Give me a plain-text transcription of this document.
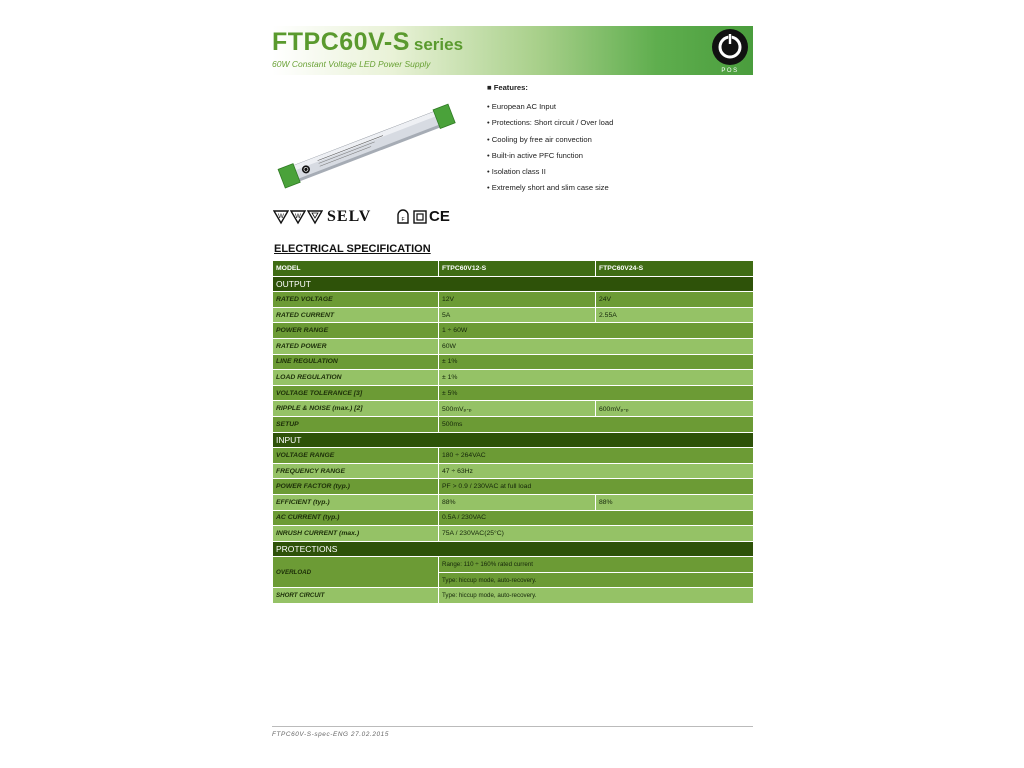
FTPC60V-S series
60W Constant Voltage LED Power Supply
POS
■ Features:
• European AC Input
• Protections: Short circuit / Over load
• Cooling by free air convection
• Built-in active PFC function
• Isolation class II
• Extremely short and slim case size
W W SELV	F CE
ELECTRICAL SPECIFICATION
MODEL	FTPC60V12-S	FTPC60V24-S
OUTPUT		
RATED VOLTAGE	12V	24V
RATED CURRENT	5A	2.55A
POWER RANGE	1 ÷ 60W	
RATED POWER	60W	
LINE REGULATION	± 1%	
LOAD REGULATION	± 1%	
VOLTAGE TOLERANCE [3]	± 5%	
RIPPLE & NOISE (max.) [2]	500mVₚ-ₚ	600mVₚ-ₚ
SETUP	500ms	
INPUT		
VOLTAGE RANGE	180 ÷ 264VAC	
FREQUENCY RANGE	47 ÷ 63Hz	
POWER FACTOR (typ.)	PF > 0.9 / 230VAC at full load	
EFFICIENT (typ.)	88%	88%
AC CURRENT (typ.)	0.5A / 230VAC	
INRUSH CURRENT (max.)	75A / 230VAC(25°C)	
PROTECTIONS		
OVERLOAD	Range: 110 ÷ 160% rated current	
	Type: hiccup mode, auto-recovery.	
SHORT CIRCUIT	Type: hiccup mode, auto-recovery.	
FTPC60V-S-spec-ENG 27.02.2015
